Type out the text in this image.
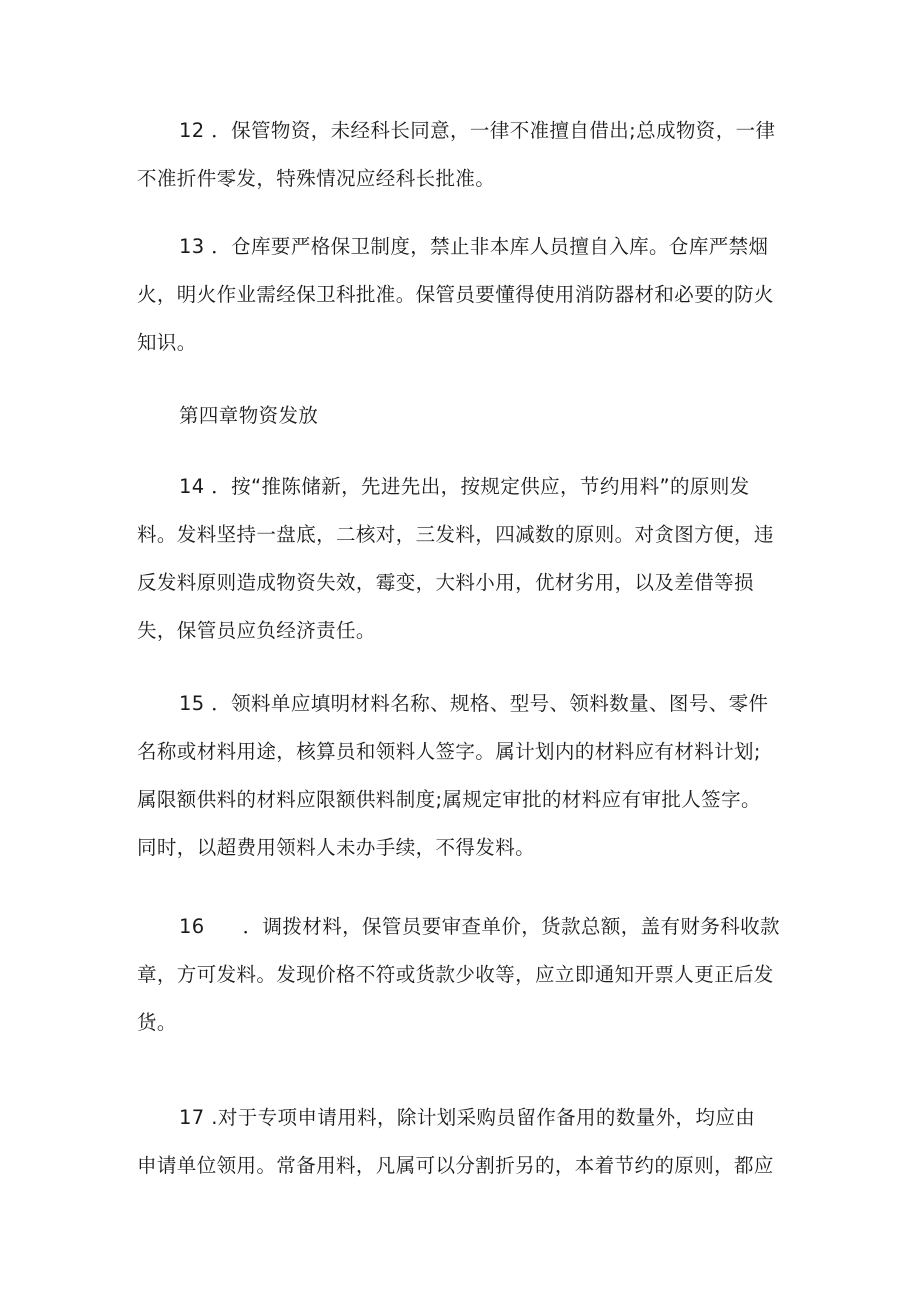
12 ．保管物资，未经科长同意，一律不准擅自借出;总成物资，一律
不准折件零发，特殊情况应经科长批准。

13 ．仓库要严格保卫制度，禁止非本库人员擅自入库。仓库严禁烟
火，明火作业需经保卫科批准。保管员要懂得使用消防器材和必要的防火
知识。

第四章物资发放

14 ．按“推陈储新，先进先出，按规定供应，节约用料”的原则发
料。发料坚持一盘底，二核对，三发料，四减数的原则。对贪图方便，违
反发料原则造成物资失效，霉变，大料小用，优材劣用，以及差借等损
失，保管员应负经济责任。

15 ．领料单应填明材料名称、规格、型号、领料数量、图号、零件
名称或材料用途，核算员和领料人签字。属计划内的材料应有材料计划;
属限额供料的材料应限额供料制度;属规定审批的材料应有审批人签字。
同时，以超费用领料人未办手续，不得发料。

16 ．调拨材料，保管员要审查单价，货款总额，盖有财务科收款
章，方可发料。发现价格不符或货款少收等，应立即通知开票人更正后发
货。

17 .对于专项申请用料，除计划采购员留作备用的数量外，均应由
申请单位领用。常备用料，凡属可以分割折另的，本着节约的原则，都应
